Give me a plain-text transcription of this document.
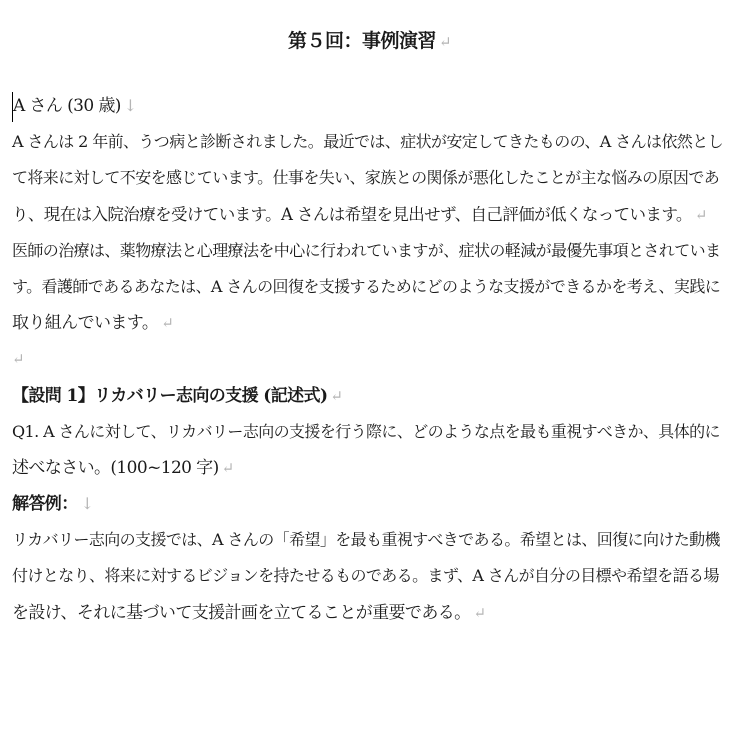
第５回：事例演習 ↵
A さん (30 歳) ↓
A さんは 2 年前、うつ病と診断されました。最近では、症状が安定してきたものの、A さんは依然とし
て将来に対して不安を感じています。仕事を失い、家族との関係が悪化したことが主な悩みの原因であ
り、現在は入院治療を受けています。A さんは希望を見出せず、自己評価が低くなっています。 ↵
医師の治療は、薬物療法と心理療法を中心に行われていますが、症状の軽減が最優先事項とされていま
す。看護師であるあなたは、A さんの回復を支援するためにどのような支援ができるかを考え、実践に
取り組んでいます。 ↵
↵
【設問 1】リカバリー志向の支援 (記述式) ↵
Q1. A さんに対して、リカバリー志向の支援を行う際に、どのような点を最も重視すべきか、具体的に
述べなさい。(100~120 字) ↵
解答例： ↓
リカバリー志向の支援では、A さんの「希望」を最も重視すべきである。希望とは、回復に向けた動機
付けとなり、将来に対するビジョンを持たせるものである。まず、A さんが自分の目標や希望を語る場
を設け、それに基づいて支援計画を立てることが重要である。 ↵
